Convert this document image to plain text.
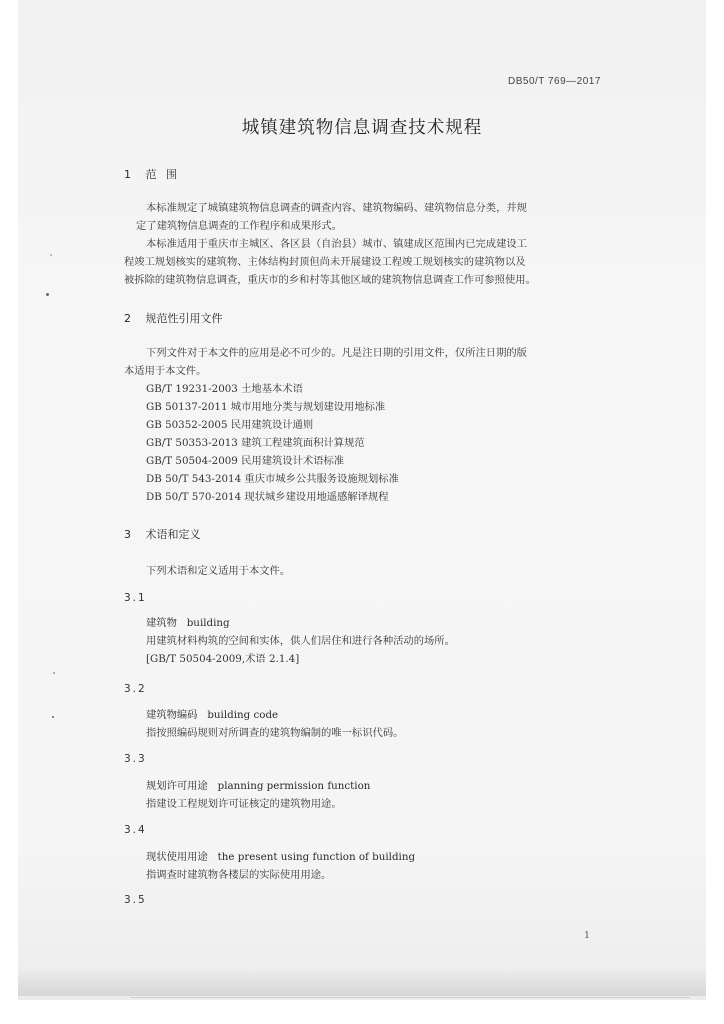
DB50/T 769—2017
城镇建筑物信息调查技术规程
1 范 围
本标准规定了城镇建筑物信息调查的调查内容、建筑物编码、建筑物信息分类，并规
定了建筑物信息调查的工作程序和成果形式。
本标准适用于重庆市主城区、各区县（自治县）城市、镇建成区范围内已完成建设工
程竣工规划核实的建筑物、主体结构封顶但尚未开展建设工程竣工规划核实的建筑物以及
被拆除的建筑物信息调查，重庆市的乡和村等其他区域的建筑物信息调查工作可参照使用。
2 规范性引用文件
下列文件对于本文件的应用是必不可少的。凡是注日期的引用文件，仅所注日期的版
本适用于本文件。
GB/T 19231-2003 土地基本术语
GB 50137-2011 城市用地分类与规划建设用地标准
GB 50352-2005 民用建筑设计通则
GB/T 50353-2013 建筑工程建筑面积计算规范
GB/T 50504-2009 民用建筑设计术语标准
DB 50/T 543-2014 重庆市城乡公共服务设施规划标准
DB 50/T 570-2014 现状城乡建设用地遥感解译规程
3 术语和定义
下列术语和定义适用于本文件。
3.1
建筑物 building
用建筑材料构筑的空间和实体，供人们居住和进行各种活动的场所。
[GB/T 50504-2009,术语 2.1.4]
3.2
建筑物编码 building code
指按照编码规则对所调查的建筑物编制的唯一标识代码。
3.3
规划许可用途 planning permission function
指建设工程规划许可证核定的建筑物用途。
3.4
现状使用用途 the present using function of building
指调查时建筑物各楼层的实际使用用途。
3.5
1
